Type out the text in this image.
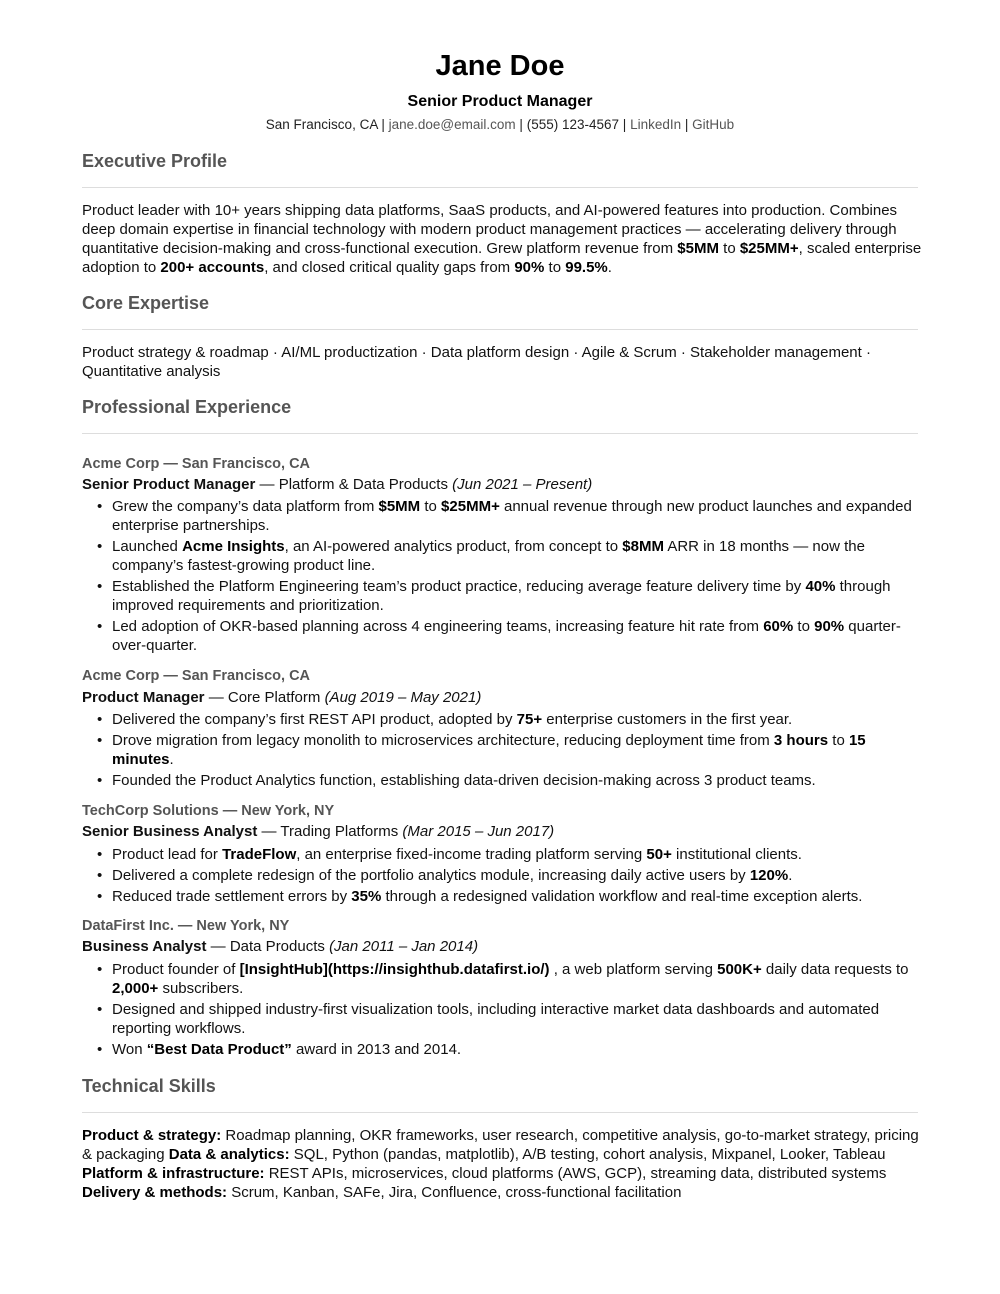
Jane Doe
Senior Product Manager
San Francisco, CA | jane.doe@email.com | (555) 123-4567 | LinkedIn | GitHub
Executive Profile
Product leader with 10+ years shipping data platforms, SaaS products, and AI-powered features into production. Combines deep domain expertise in financial technology with modern product management practices — accelerating delivery through quantitative decision-making and cross-functional execution. Grew platform revenue from $5MM to $25MM+, scaled enterprise adoption to 200+ accounts, and closed critical quality gaps from 90% to 99.5%.
Core Expertise
Product strategy & roadmap · AI/ML productization · Data platform design · Agile & Scrum · Stakeholder management · Quantitative analysis
Professional Experience
Acme Corp — San Francisco, CA
Senior Product Manager — Platform & Data Products (Jun 2021 – Present)
• Grew the company’s data platform from $5MM to $25MM+ annual revenue through new product launches and expanded enterprise partnerships.
• Launched Acme Insights, an AI-powered analytics product, from concept to $8MM ARR in 18 months — now the company’s fastest-growing product line.
• Established the Platform Engineering team’s product practice, reducing average feature delivery time by 40% through improved requirements and prioritization.
• Led adoption of OKR-based planning across 4 engineering teams, increasing feature hit rate from 60% to 90% quarter-over-quarter.
Acme Corp — San Francisco, CA
Product Manager — Core Platform (Aug 2019 – May 2021)
• Delivered the company’s first REST API product, adopted by 75+ enterprise customers in the first year.
• Drove migration from legacy monolith to microservices architecture, reducing deployment time from 3 hours to 15 minutes.
• Founded the Product Analytics function, establishing data-driven decision-making across 3 product teams.
TechCorp Solutions — New York, NY
Senior Business Analyst — Trading Platforms (Mar 2015 – Jun 2017)
• Product lead for TradeFlow, an enterprise fixed-income trading platform serving 50+ institutional clients.
• Delivered a complete redesign of the portfolio analytics module, increasing daily active users by 120%.
• Reduced trade settlement errors by 35% through a redesigned validation workflow and real-time exception alerts.
DataFirst Inc. — New York, NY
Business Analyst — Data Products (Jan 2011 – Jan 2014)
• Product founder of [InsightHub](https://insighthub.datafirst.io/) , a web platform serving 500K+ daily data requests to 2,000+ subscribers.
• Designed and shipped industry-first visualization tools, including interactive market data dashboards and automated reporting workflows.
• Won “Best Data Product” award in 2013 and 2014.
Technical Skills
Product & strategy: Roadmap planning, OKR frameworks, user research, competitive analysis, go-to-market strategy, pricing & packaging Data & analytics: SQL, Python (pandas, matplotlib), A/B testing, cohort analysis, Mixpanel, Looker, Tableau Platform & infrastructure: REST APIs, microservices, cloud platforms (AWS, GCP), streaming data, distributed systems Delivery & methods: Scrum, Kanban, SAFe, Jira, Confluence, cross-functional facilitation
